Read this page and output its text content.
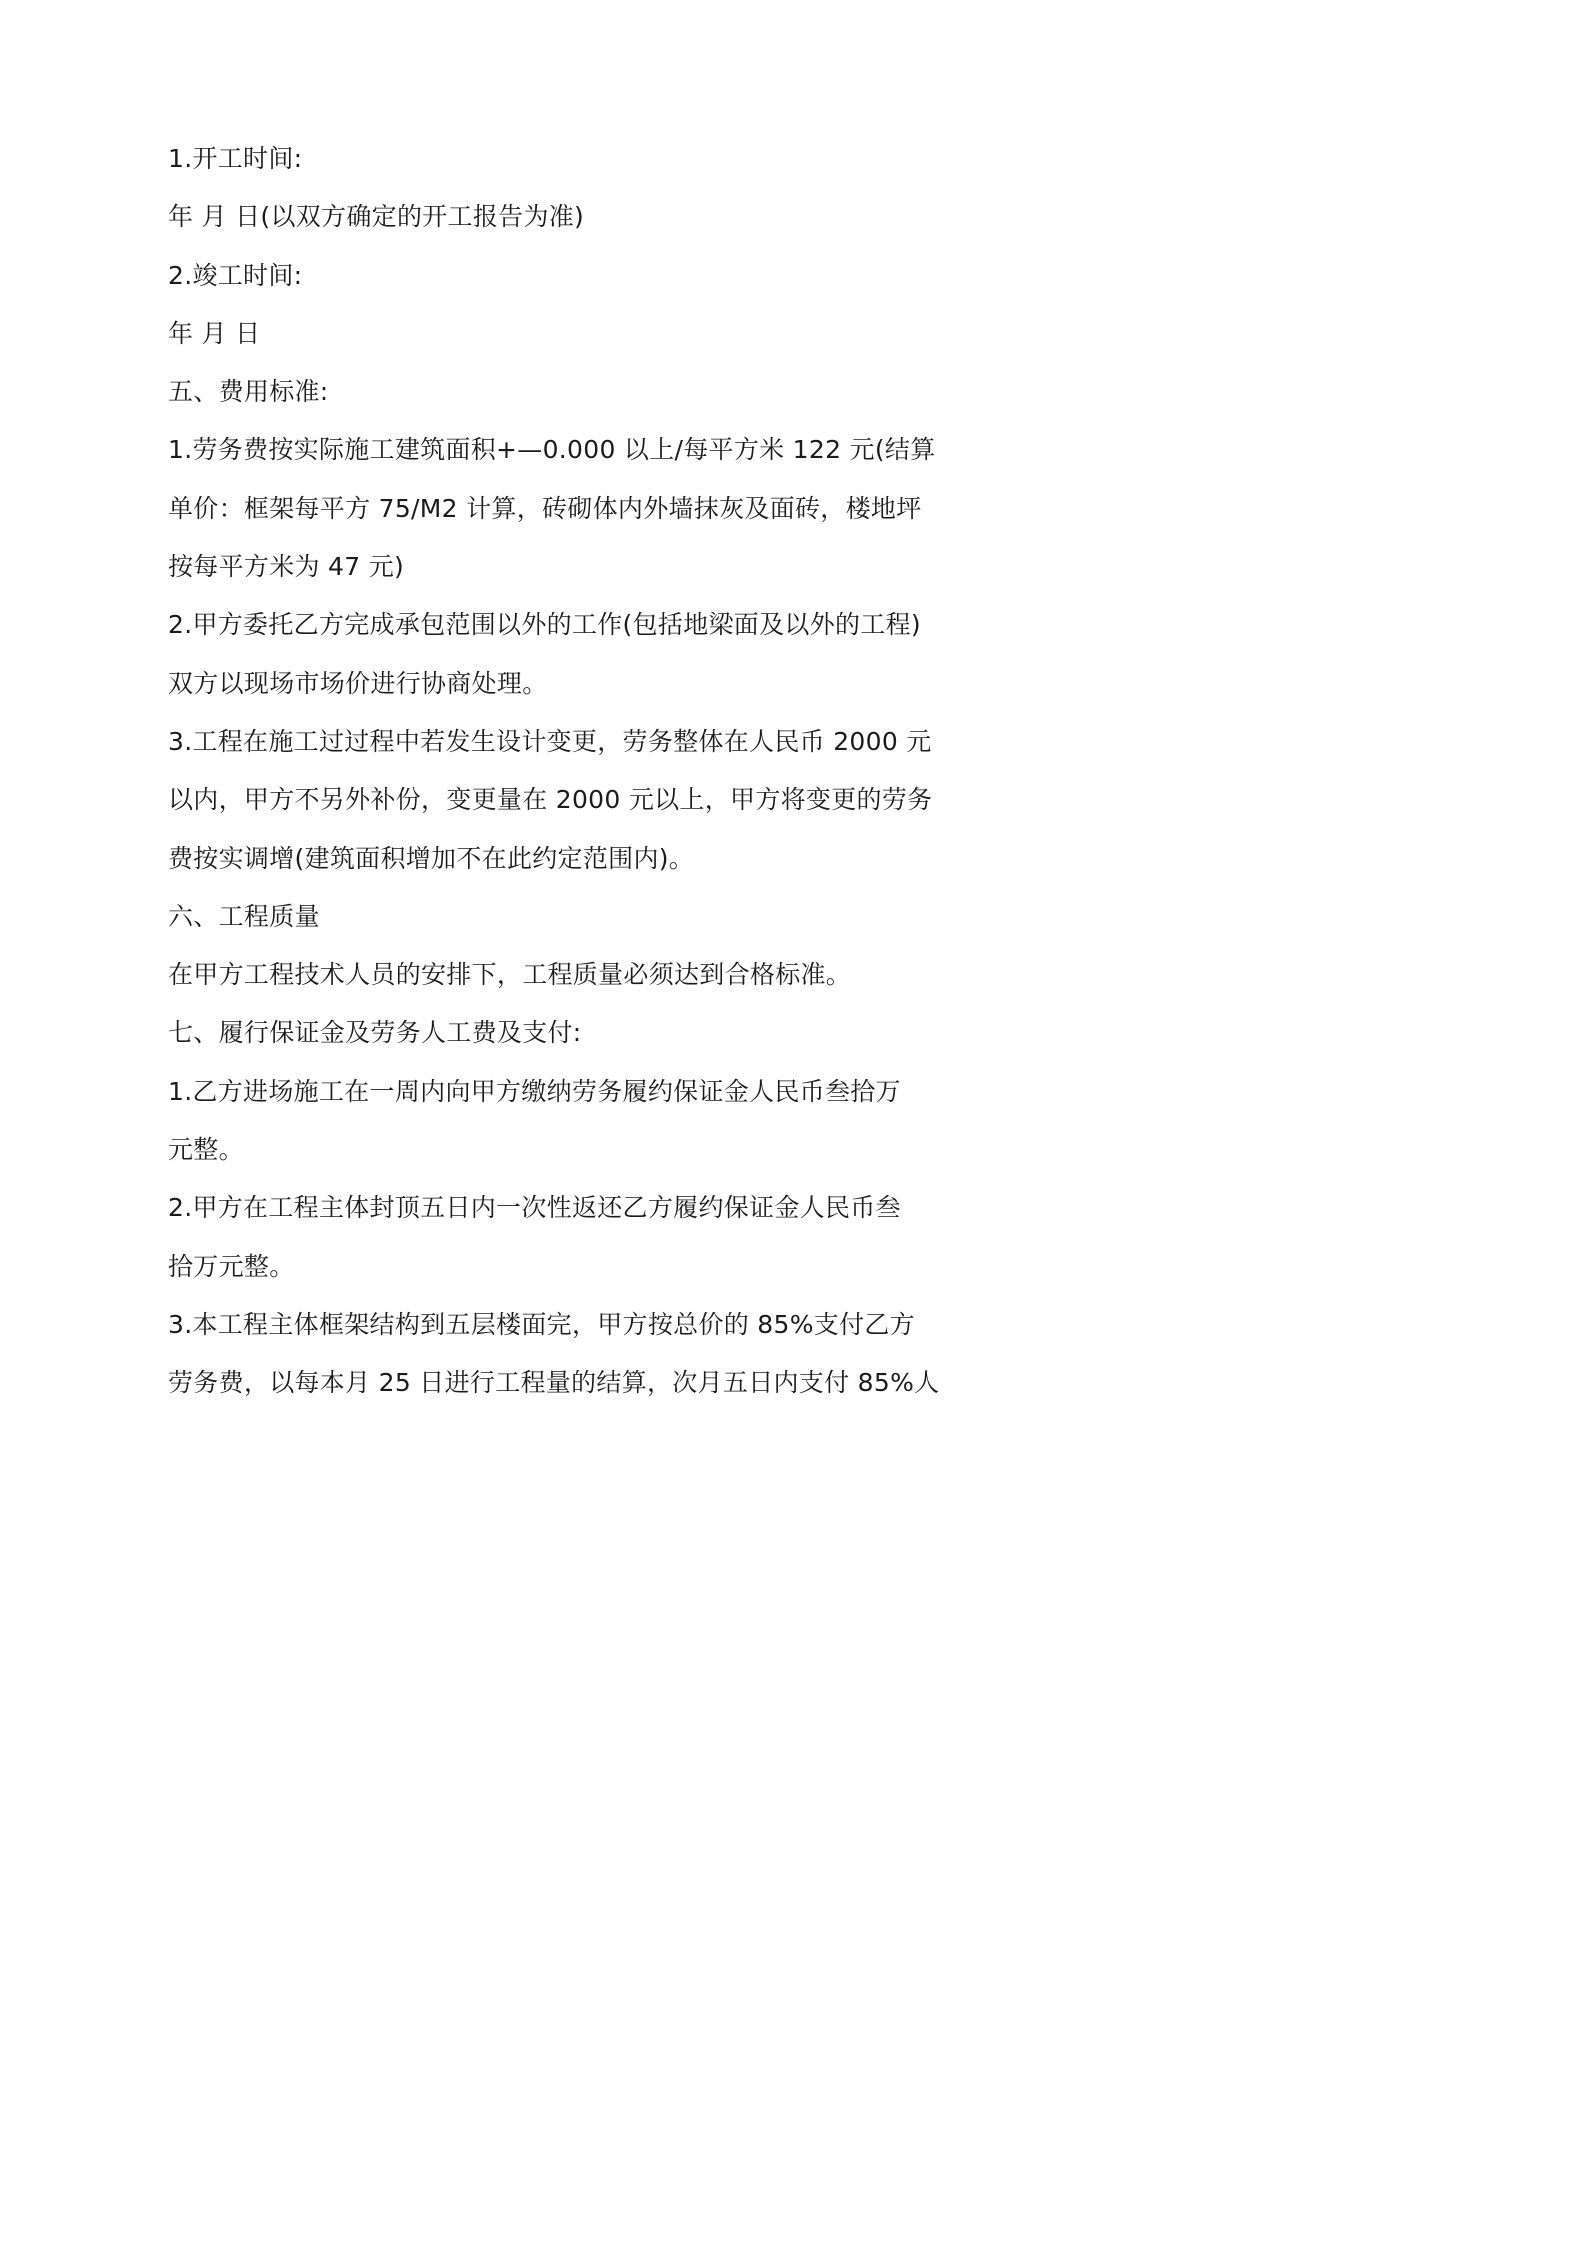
1.开工时间:

年 月 日(以双方确定的开工报告为准)

2.竣工时间:

年 月 日

五、费用标准:

1.劳务费按实际施工建筑面积+—0.000 以上/每平方米 122 元(结算

单价：框架每平方 75/M2 计算，砖砌体内外墙抹灰及面砖，楼地坪

按每平方米为 47 元)

2.甲方委托乙方完成承包范围以外的工作(包括地梁面及以外的工程)

双方以现场市场价进行协商处理。

3.工程在施工过过程中若发生设计变更，劳务整体在人民币 2000 元

以内，甲方不另外补份，变更量在 2000 元以上，甲方将变更的劳务

费按实调增(建筑面积增加不在此约定范围内)。

六、工程质量

在甲方工程技术人员的安排下，工程质量必须达到合格标准。

七、履行保证金及劳务人工费及支付:

1.乙方进场施工在一周内向甲方缴纳劳务履约保证金人民币叁拾万

元整。

2.甲方在工程主体封顶五日内一次性返还乙方履约保证金人民币叁

拾万元整。

3.本工程主体框架结构到五层楼面完，甲方按总价的 85%支付乙方

劳务费，以每本月 25 日进行工程量的结算，次月五日内支付 85%人
